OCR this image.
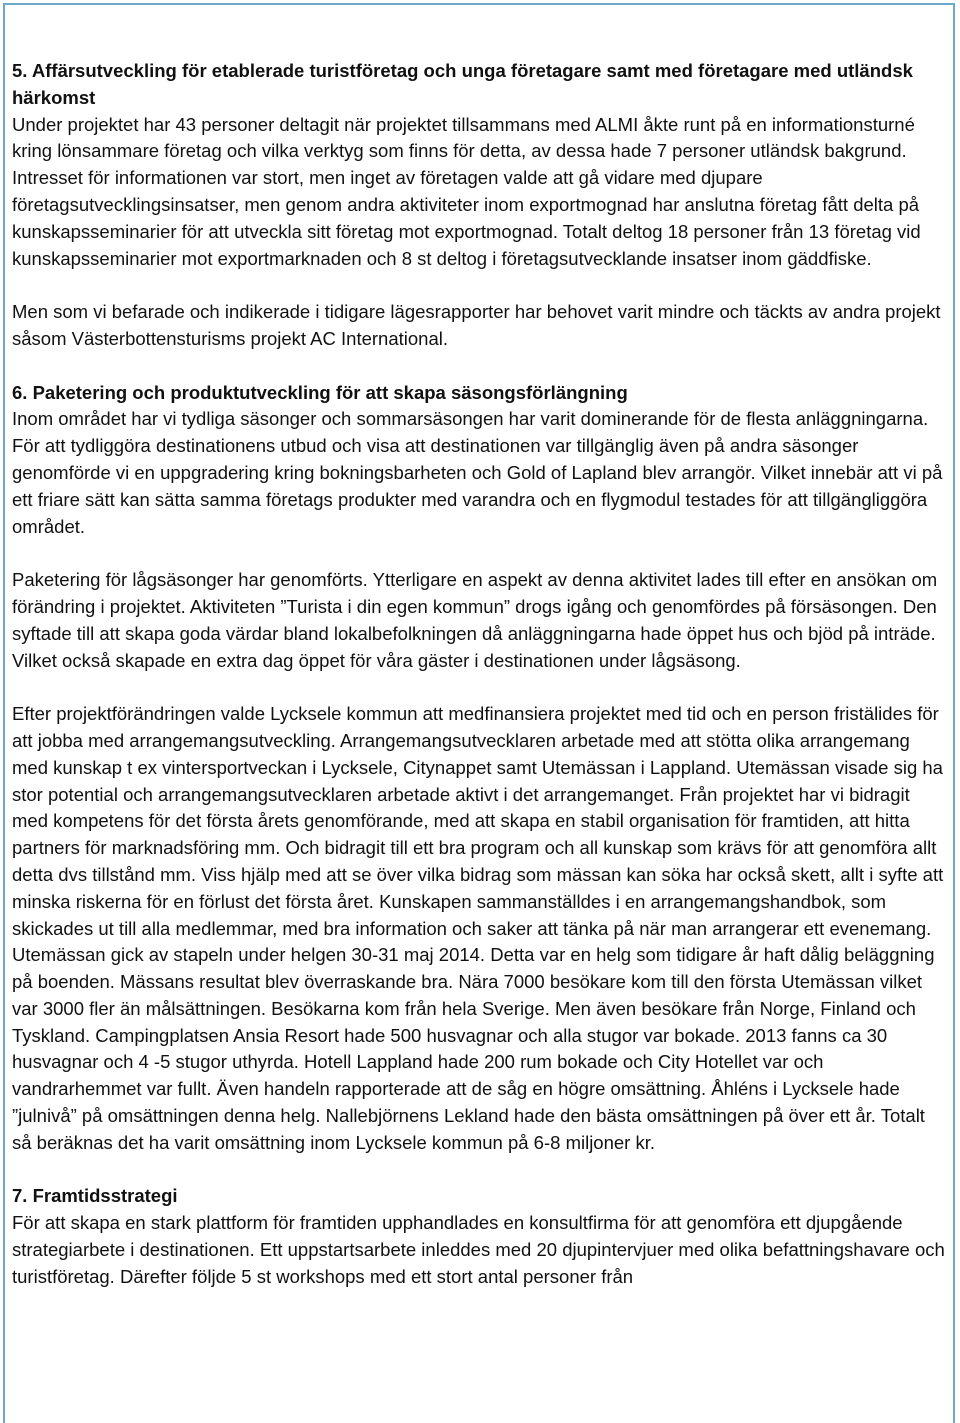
5. Affärsutveckling för etablerade turistföretag och unga företagare samt med företagare med utländsk härkomst

Under projektet har 43 personer deltagit när projektet tillsammans med ALMI åkte runt på en informationsturné kring lönsammare företag och vilka verktyg som finns för detta, av dessa hade 7 personer utländsk bakgrund. Intresset för informationen var stort, men inget av företagen valde att gå vidare med djupare företagsutvecklingsinsatser, men genom andra aktiviteter inom exportmognad har anslutna företag fått delta på kunskapsseminarier för att utveckla sitt företag mot exportmognad. Totalt deltog 18 personer från 13 företag vid kunskapsseminarier mot exportmarknaden och 8 st deltog i företagsutvecklande insatser inom gäddfiske.

Men som vi befarade och indikerade i tidigare lägesrapporter har behovet varit mindre och täckts av andra projekt såsom Västerbottensturisms projekt AC International.

6. Paketering och produktutveckling för att skapa säsongsförlängning

Inom området har vi tydliga säsonger och sommarsäsongen har varit dominerande för de flesta anläggningarna. För att tydliggöra destinationens utbud och visa att destinationen var tillgänglig även på andra säsonger genomförde vi en uppgradering kring bokningsbarheten och Gold of Lapland blev arrangör. Vilket innebär att vi på ett friare sätt kan sätta samma företags produkter med varandra och en flygmodul testades för att tillgängliggöra området.

Paketering för lågsäsonger har genomförts. Ytterligare en aspekt av denna aktivitet lades till efter en ansökan om förändring i projektet. Aktiviteten ”Turista i din egen kommun” drogs igång och genomfördes på försäsongen. Den syftade till att skapa goda värdar bland lokalbefolkningen då anläggningarna hade öppet hus och bjöd på inträde. Vilket också skapade en extra dag öppet för våra gäster i destinationen under lågsäsong.

Efter projektförändringen valde Lycksele kommun att medfinansiera projektet med tid och en person fristälides för att jobba med arrangemangsutveckling. Arrangemangsutvecklaren arbetade med att stötta olika arrangemang med kunskap t ex vintersportveckan i Lycksele, Citynappet samt Utemässan i Lappland. Utemässan visade sig ha stor potential och arrangemangsutvecklaren arbetade aktivt i det arrangemanget. Från projektet har vi bidragit med kompetens för det första årets genomförande, med att skapa en stabil organisation för framtiden, att hitta partners för marknadsföring mm. Och bidragit till ett bra program och all kunskap som krävs för att genomföra allt detta dvs tillstånd mm. Viss hjälp med att se över vilka bidrag som mässan kan söka har också skett, allt i syfte att minska riskerna för en förlust det första året. Kunskapen sammanställdes i en arrangemangshandbok, som skickades ut till alla medlemmar, med bra information och saker att tänka på när man arrangerar ett evenemang. Utemässan gick av stapeln under helgen 30-31 maj 2014. Detta var en helg som tidigare år haft dålig beläggning på boenden. Mässans resultat blev överraskande bra. Nära 7000 besökare kom till den första Utemässan vilket var 3000 fler än målsättningen. Besökarna kom från hela Sverige. Men även besökare från Norge, Finland och Tyskland. Campingplatsen Ansia Resort hade 500 husvagnar och alla stugor var bokade. 2013 fanns ca 30 husvagnar och 4 -5 stugor uthyrda. Hotell Lappland hade 200 rum bokade och City Hotellet var och vandrarhemmet var fullt. Även handeln rapporterade att de såg en högre omsättning. Åhléns i Lycksele hade ”julnivå” på omsättningen denna helg. Nallebjörnens Lekland hade den bästa omsättningen på över ett år. Totalt så beräknas det ha varit omsättning inom Lycksele kommun på 6-8 miljoner kr.

7. Framtidsstrategi

För att skapa en stark plattform för framtiden upphandlades en konsultfirma för att genomföra ett djupgående strategiarbete i destinationen. Ett uppstartsarbete inleddes med 20 djupintervjuer med olika befattningshavare och turistföretag. Därefter följde 5 st workshops med ett stort antal personer från
